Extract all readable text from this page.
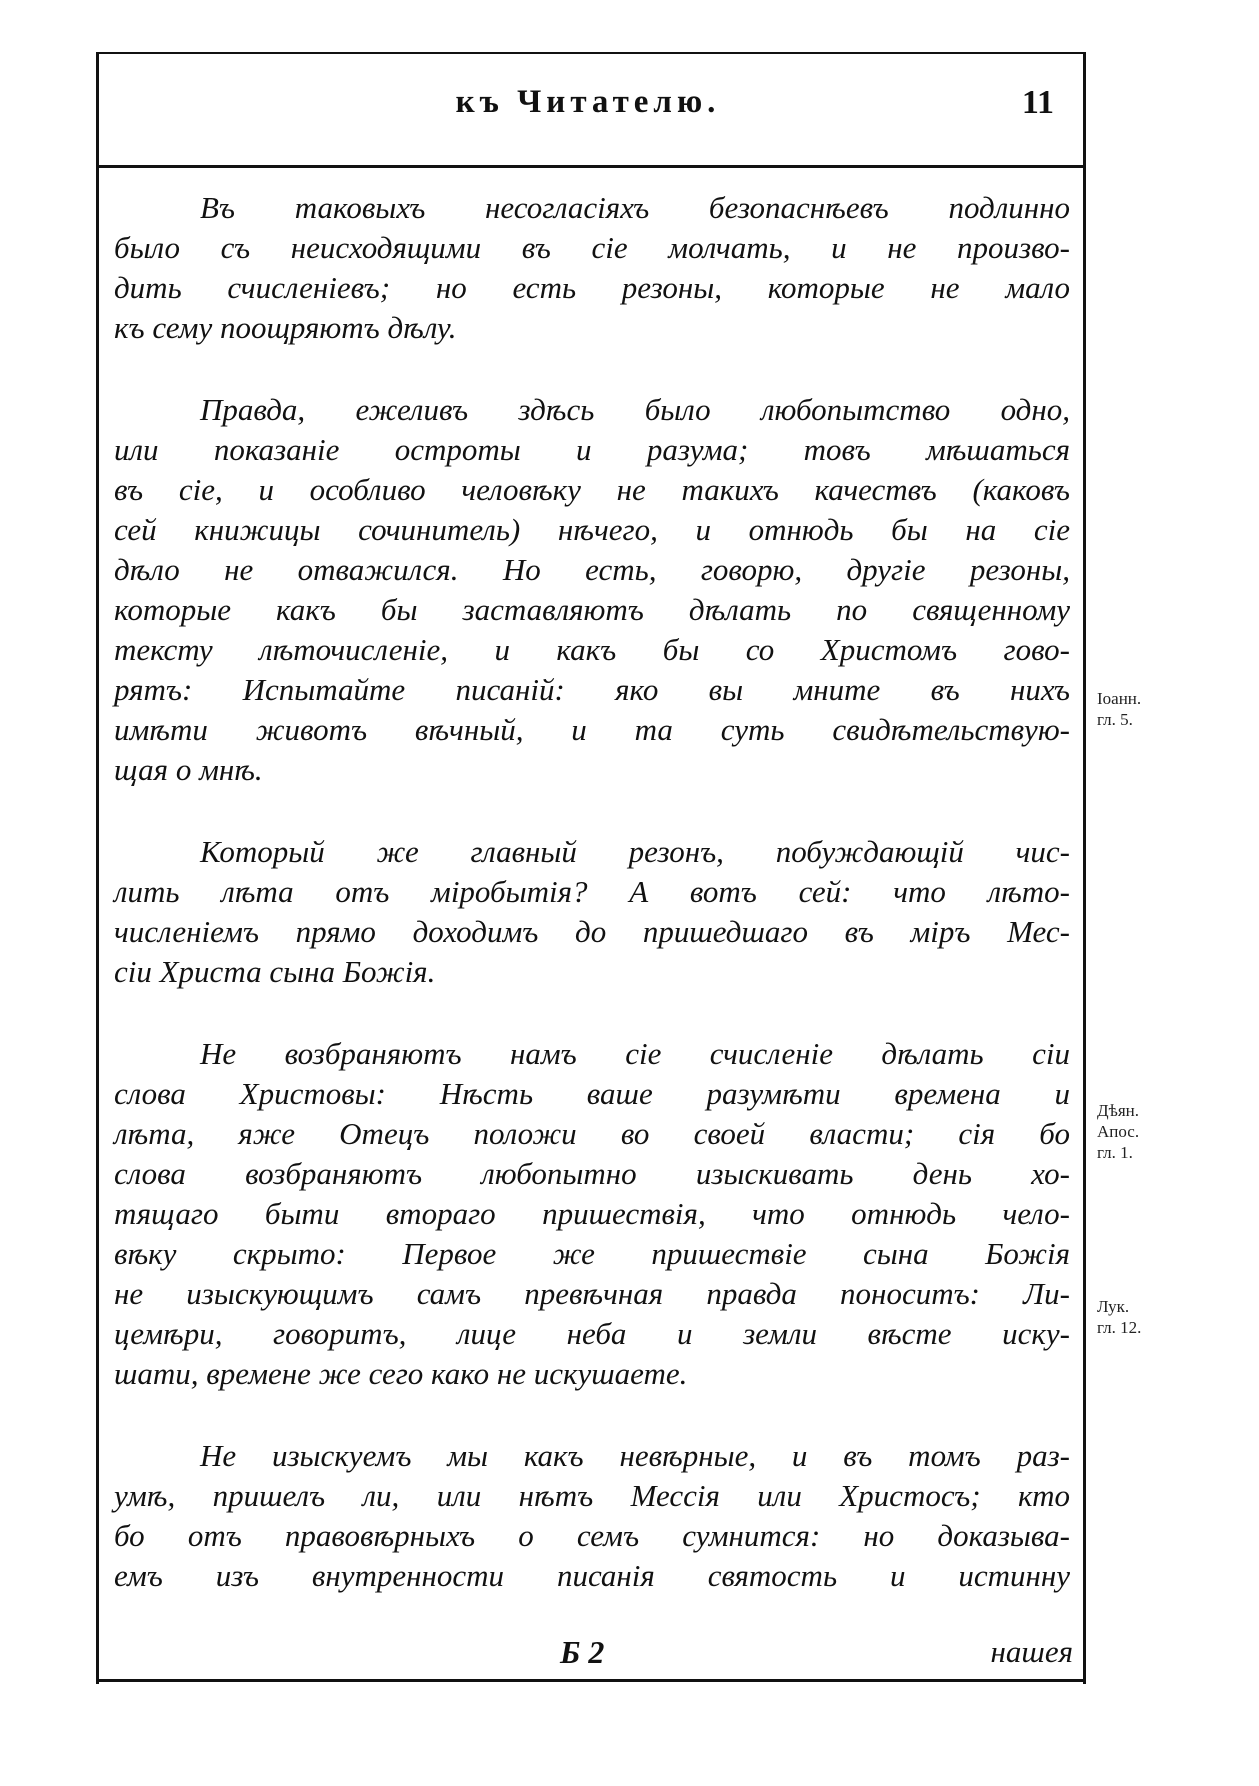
къ Читателю.	11

Въ таковыхъ несогласіяхъ безопаснѣевъ подлинно
было съ неисходящими въ сіе молчать, и не произво-
дить счисленіевъ; но есть резоны, которые не мало
къ сему поощряютъ дѣлу.

Правда, ежеливъ здѣсь было любопытство одно,
или показаніе остроты и разума; товъ мѣшаться
въ сіе, и особливо человѣку не такихъ качествъ (каковъ
сей книжицы сочинитель) нѣчего, и отнюдь бы на сіе
дѣло не отважился. Но есть, говорю, другіе резоны,
которые какъ бы заставляютъ дѣлать по священному
тексту лѣточисленіе, и какъ бы со Христомъ гово-
рятъ: Испытайте писаній: яко вы мните въ нихъ
имѣти животъ вѣчный, и та суть свидѣтельствую-
щая о мнѣ.

Который же главный резонъ, побуждающій чис-
лить лѣта отъ міробытія? А вотъ сей: что лѣто-
численіемъ прямо доходимъ до пришедшаго въ міръ Мес-
сіи Христа сына Божія.

Не возбраняютъ намъ сіе счисленіе дѣлать сіи
слова Христовы: Нѣсть ваше разумѣти времена и
лѣта, яже Отецъ положи во своей власти; сія бо
слова возбраняютъ любопытно изыскивать день хо-
тящаго быти втораго пришествія, что отнюдь чело-
вѣку скрыто: Первое же пришествіе сына Божія
не изыскующимъ самъ превѣчная правда поноситъ: Ли-
цемѣри, говоритъ, лице неба и земли вѣсте иску-
шати, времене же сего како не искушаете.

Не изыскуемъ мы какъ невѣрные, и въ томъ раз-
умѣ, пришелъ ли, или нѣтъ Мессія или Христосъ; кто
бо отъ правовѣрныхъ о семъ сумнится: но доказыва-
емъ изъ внутренности писанія святость и истинну

Іоанн.
гл. 5.
Дѣян.
Апос.
гл. 1.
Лук.
гл. 12.
Б 2	нашея
